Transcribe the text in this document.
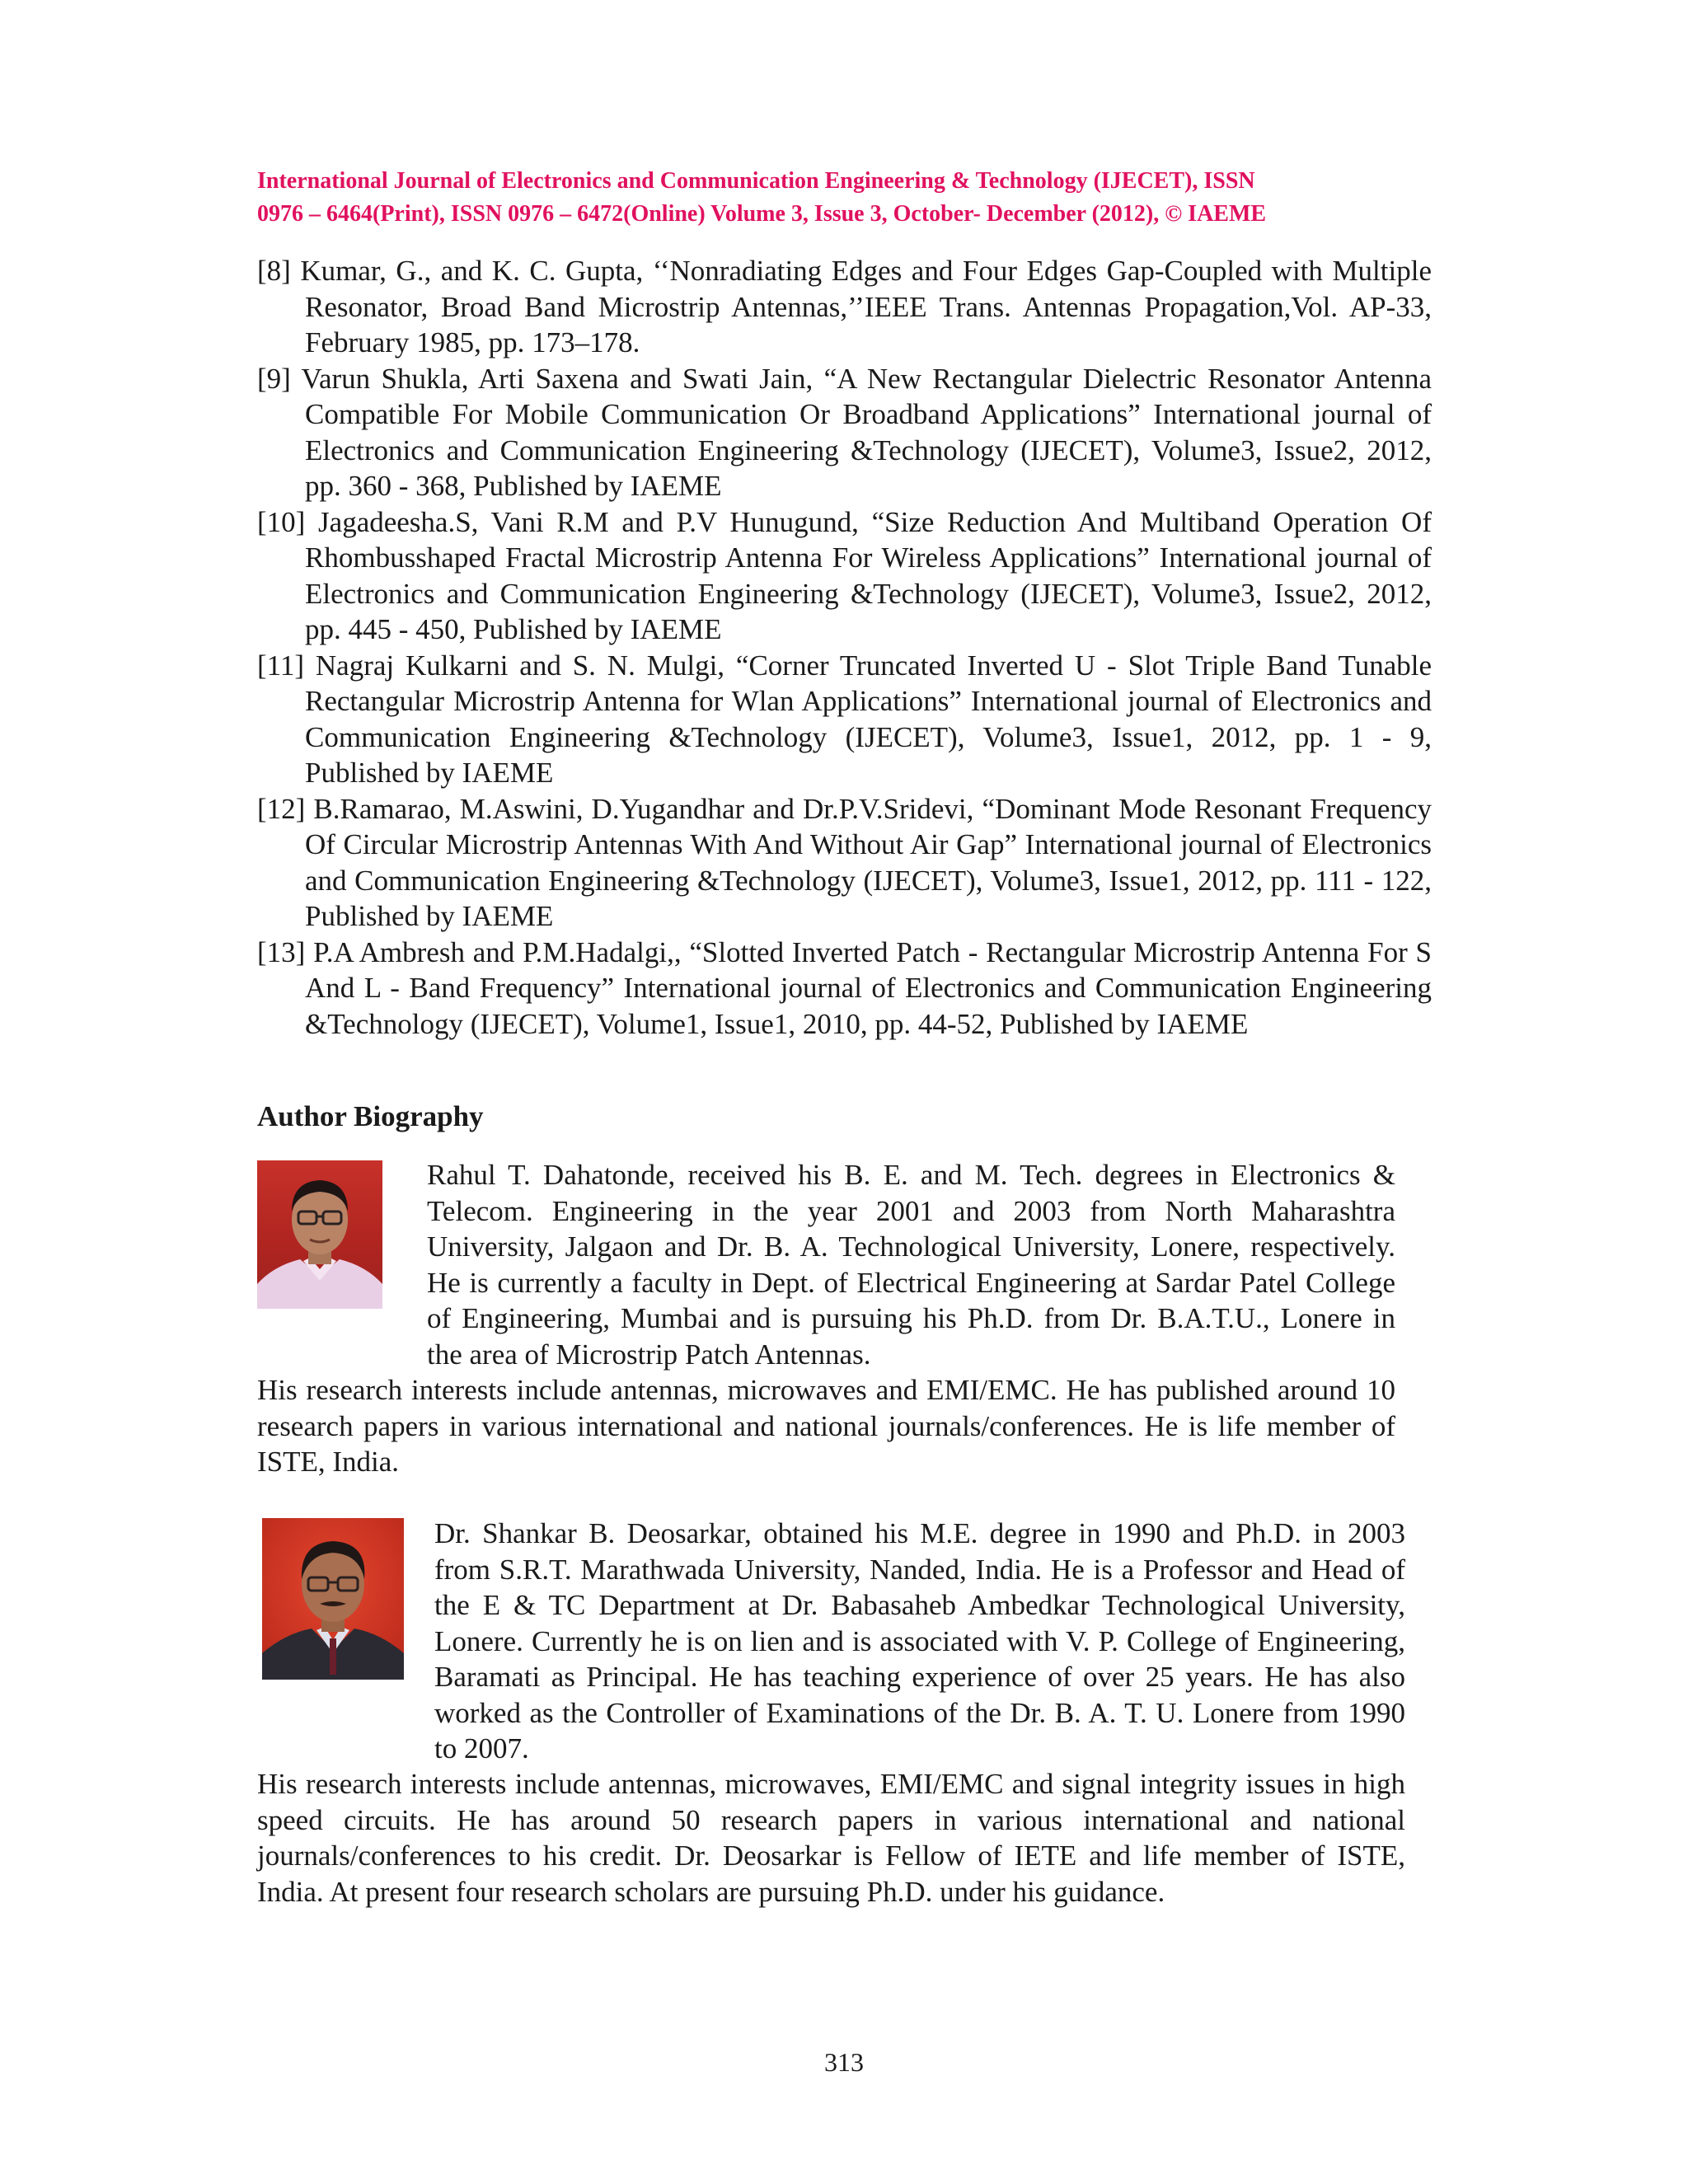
International Journal of Electronics and Communication Engineering & Technology (IJECET), ISSN
0976 – 6464(Print), ISSN 0976 – 6472(Online) Volume 3, Issue 3, October- December (2012), © IAEME
[8] Kumar, G., and K. C. Gupta, ‘‘Nonradiating Edges and Four Edges Gap-Coupled with Multiple Resonator, Broad Band Microstrip Antennas,’’IEEE Trans. Antennas Propagation,Vol. AP-33, February 1985, pp. 173–178.
[9] Varun Shukla, Arti Saxena and Swati Jain, “A New Rectangular Dielectric Resonator Antenna Compatible For Mobile Communication Or Broadband Applications” International journal of Electronics and Communication Engineering &Technology (IJECET), Volume3, Issue2, 2012, pp. 360 - 368, Published by IAEME
[10] Jagadeesha.S, Vani R.M and P.V Hunugund, “Size Reduction And Multiband Operation Of Rhombusshaped Fractal Microstrip Antenna For Wireless Applications” International journal of Electronics and Communication Engineering &Technology (IJECET), Volume3, Issue2, 2012, pp. 445 - 450, Published by IAEME
[11] Nagraj Kulkarni and S. N. Mulgi, “Corner Truncated Inverted U - Slot Triple Band Tunable Rectangular Microstrip Antenna for Wlan Applications” International journal of Electronics and Communication Engineering &Technology (IJECET), Volume3, Issue1, 2012, pp. 1 - 9, Published by IAEME
[12] B.Ramarao, M.Aswini, D.Yugandhar and Dr.P.V.Sridevi, “Dominant Mode Resonant Frequency Of Circular Microstrip Antennas With And Without Air Gap” International journal of Electronics and Communication Engineering &Technology (IJECET), Volume3, Issue1, 2012, pp. 111 - 122, Published by IAEME
[13] P.A Ambresh and P.M.Hadalgi,, “Slotted Inverted Patch - Rectangular Microstrip Antenna For S And L - Band Frequency” International journal of Electronics and Communication Engineering &Technology (IJECET), Volume1, Issue1, 2010, pp. 44-52, Published by IAEME
Author Biography
Rahul T. Dahatonde, received his B. E. and M. Tech. degrees in Electronics & Telecom. Engineering in the year 2001 and 2003 from North Maharashtra University, Jalgaon and Dr. B. A. Technological University, Lonere, respectively. He is currently a faculty in Dept. of Electrical Engineering at Sardar Patel College of Engineering, Mumbai and is pursuing his Ph.D. from Dr. B.A.T.U., Lonere in the area of Microstrip Patch Antennas.
His research interests include antennas, microwaves and EMI/EMC. He has published around 10 research papers in various international and national journals/conferences. He is life member of ISTE, India.
Dr. Shankar B. Deosarkar, obtained his M.E. degree in 1990 and Ph.D. in 2003 from S.R.T. Marathwada University, Nanded, India. He is a Professor and Head of the E & TC Department at Dr. Babasaheb Ambedkar Technological University, Lonere. Currently he is on lien and is associated with V. P. College of Engineering, Baramati as Principal. He has teaching experience of over 25 years. He has also worked as the Controller of Examinations of the Dr. B. A. T. U. Lonere from 1990 to 2007.
His research interests include antennas, microwaves, EMI/EMC and signal integrity issues in high speed circuits. He has around 50 research papers in various international and national journals/conferences to his credit. Dr. Deosarkar is Fellow of IETE and life member of ISTE, India. At present four research scholars are pursuing Ph.D. under his guidance.
313
